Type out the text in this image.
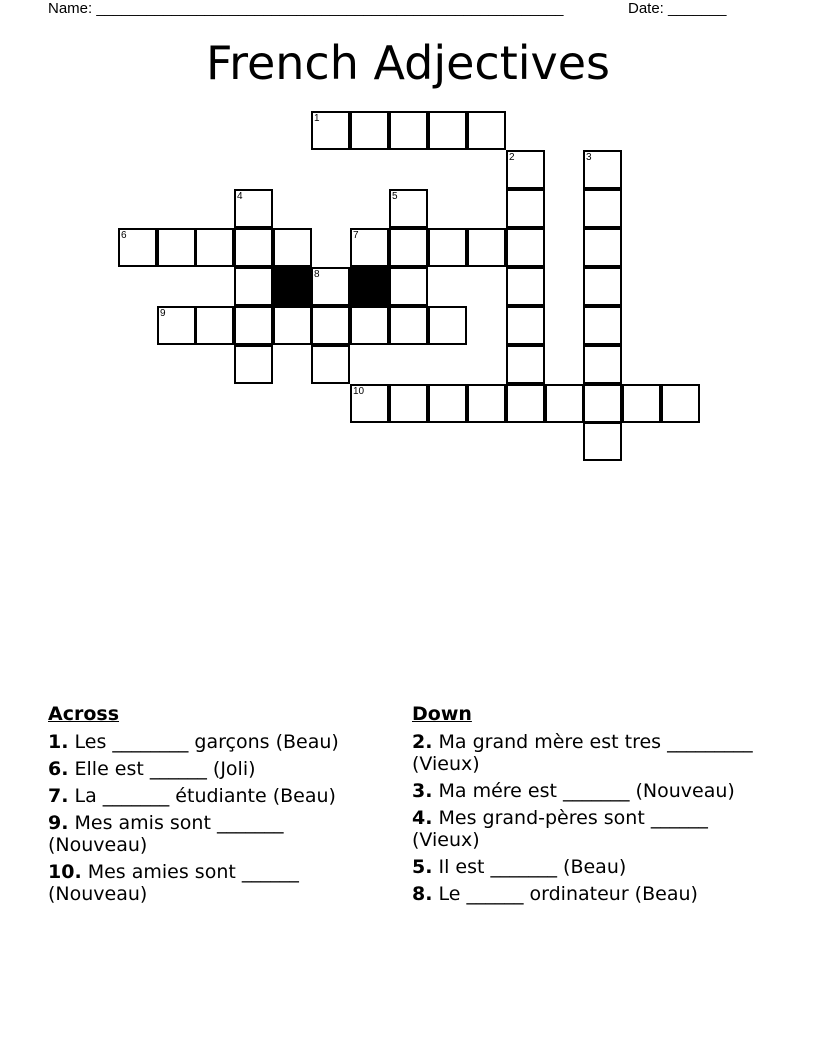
Name: ________________________________________________________	Date: _______
French Adjectives
1
2	3
4	5
6	7
8
9
10
Across
1. Les ________ garçons (Beau)
6. Elle est ______ (Joli)
7. La _______ étudiante (Beau)
9. Mes amis sont _______ (Nouveau)
10. Mes amies sont ______ (Nouveau)
Down
2. Ma grand mère est tres _________ (Vieux)
3. Ma mére est _______ (Nouveau)
4. Mes grand-pères sont ______ (Vieux)
5. Il est _______ (Beau)
8. Le ______ ordinateur (Beau)
